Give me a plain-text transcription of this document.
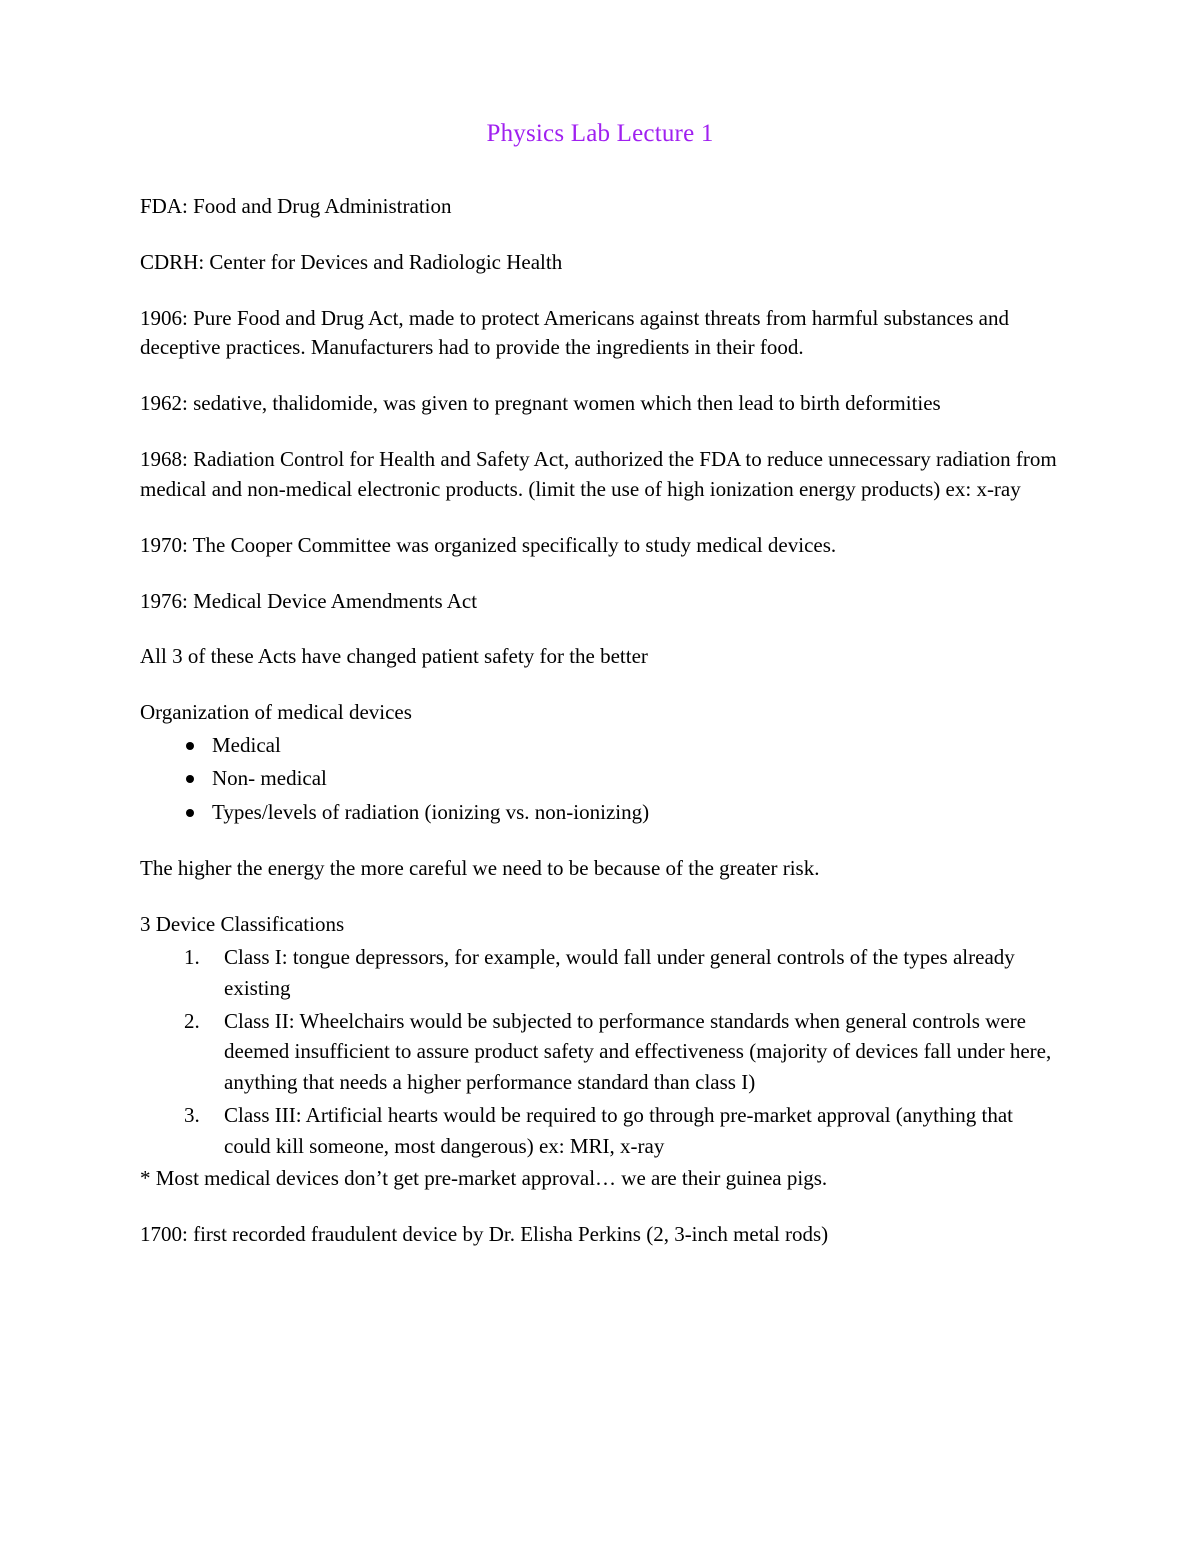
Physics Lab Lecture 1

FDA: Food and Drug Administration

CDRH: Center for Devices and Radiologic Health

1906: Pure Food and Drug Act, made to protect Americans against threats from harmful substances and deceptive practices. Manufacturers had to provide the ingredients in their food.

1962: sedative, thalidomide, was given to pregnant women which then lead to birth deformities

1968: Radiation Control for Health and Safety Act, authorized the FDA to reduce unnecessary radiation from medical and non-medical electronic products. (limit the use of high ionization energy products) ex: x-ray

1970: The Cooper Committee was organized specifically to study medical devices.

1976: Medical Device Amendments Act

All 3 of these Acts have changed patient safety for the better

Organization of medical devices

Medical
Non- medical
Types/levels of radiation (ionizing vs. non-ionizing)

The higher the energy the more careful we need to be because of the greater risk.

3 Device Classifications

Class I: tongue depressors, for example, would fall under general controls of the types already existing
Class II: Wheelchairs would be subjected to performance standards when general controls were deemed insufficient to assure product safety and effectiveness (majority of devices fall under here, anything that needs a higher performance standard than class I)
Class III: Artificial hearts would be required to go through pre-market approval (anything that could kill someone, most dangerous) ex: MRI, x-ray
* Most medical devices don’t get pre-market approval… we are their guinea pigs.

1700: first recorded fraudulent device by Dr. Elisha Perkins (2, 3-inch metal rods)
